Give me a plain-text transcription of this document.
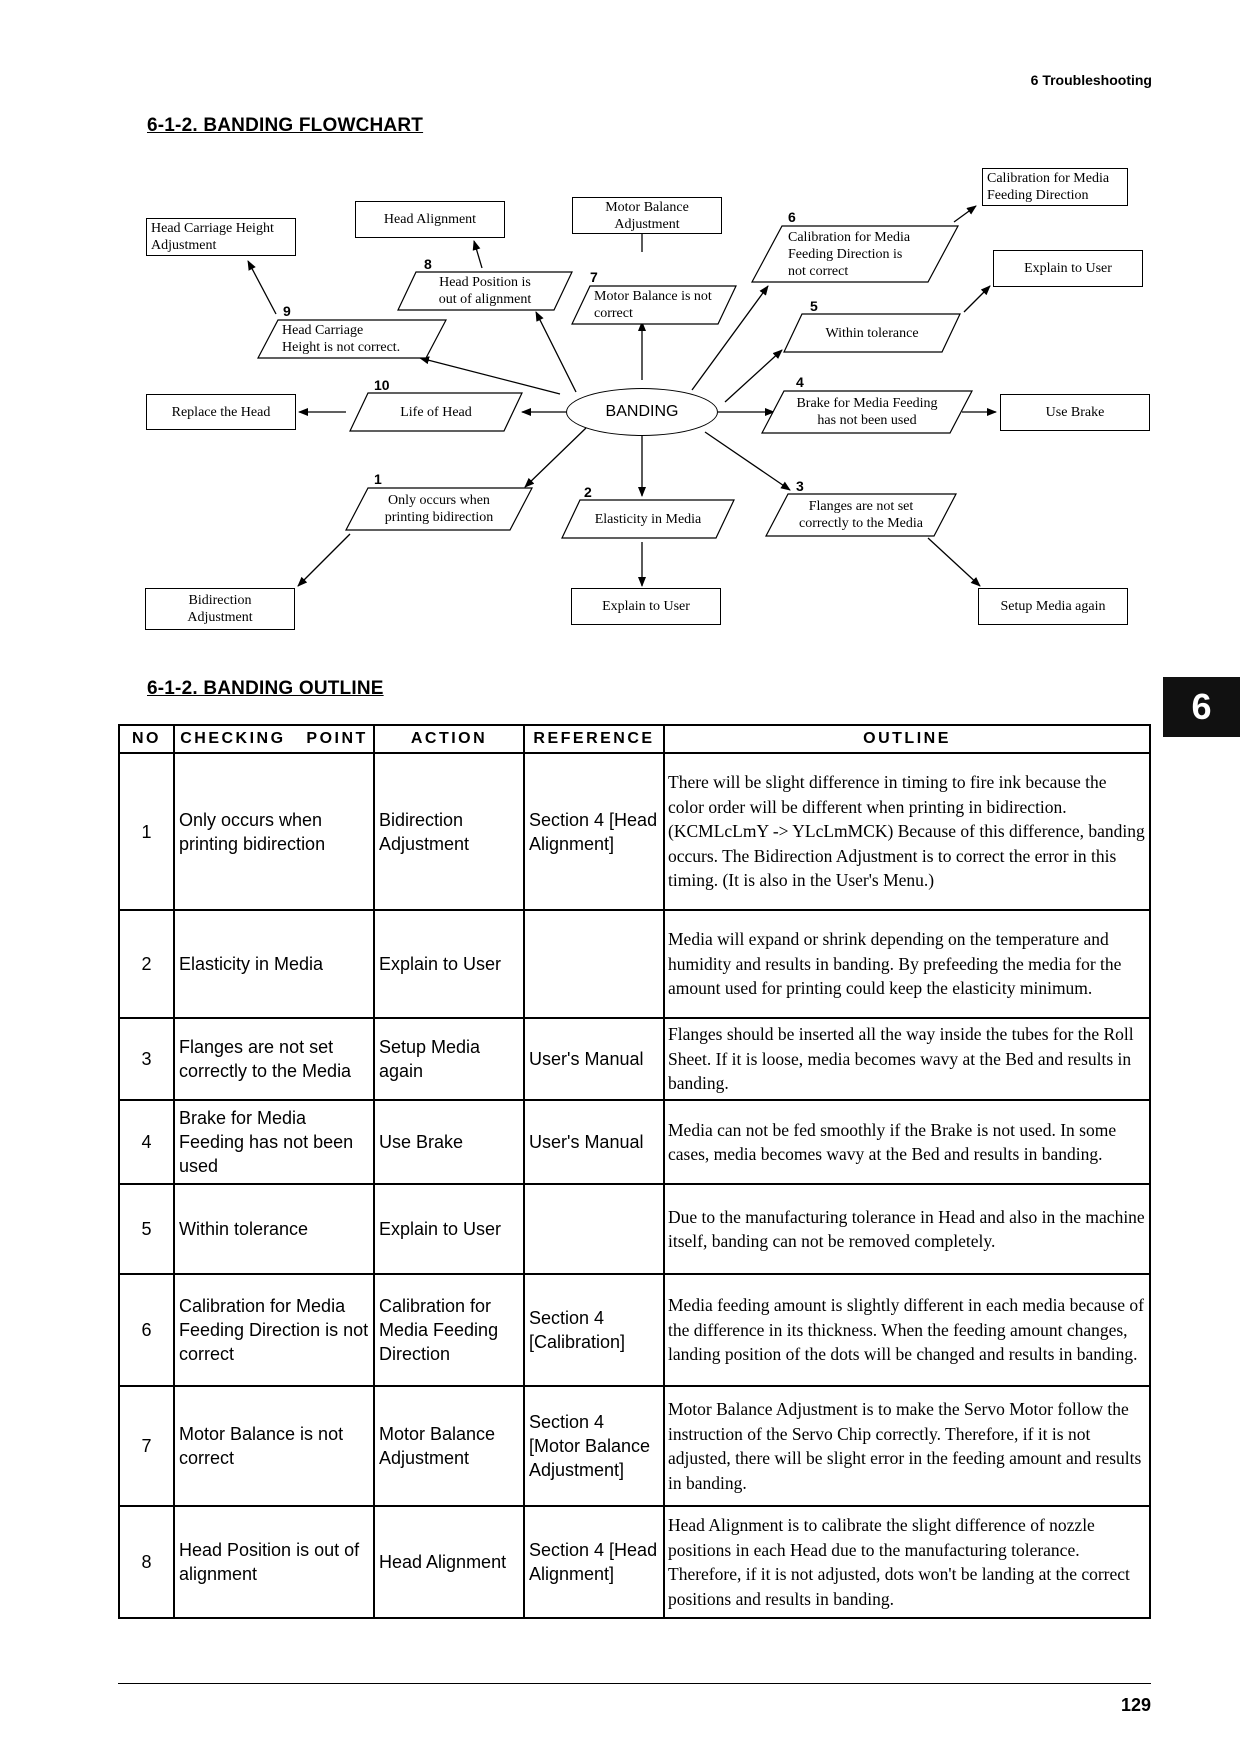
6 Troubleshooting
6-1-2. BANDING FLOWCHART
6
BANDING
Bidirection
Adjustment
Explain to User	Setup Media again
Use Brake
Explain to User
Calibration for Media
Feeding Direction
Motor Balance
Adjustment
Head Alignment
Head Carriage Height
Adjustment
Replace the Head
Only occurs when
printing bidirection
1
Elasticity in Media
2
Flanges are not set
correctly to the Media
3
Brake for Media Feeding
has not been used
4
Within tolerance
5
Calibration for Media
Feeding Direction is
not correct
6
Motor Balance is not
correct
7
Head Position is
out of alignment
8
Head Carriage
Height is not correct.
9
Life of Head
10
6-1-2. BANDING OUTLINE
NO	CHECKING   POINT	ACTION	REFERENCE	OUTLINE
1	Only occurs when printing bidirection	Bidirection Adjustment	Section 4 [Head Alignment]	There will be slight difference in timing to fire ink because the color order will be different when printing in bidirection. (KCMLcLmY -> YLcLmMCK) Because of this difference, banding occurs. The Bidirection Adjustment is to correct the error in this timing. (It is also in the User's Menu.)
2	Elasticity in Media	Explain to User		Media will expand or shrink depending on the temperature and humidity and results in banding. By prefeeding the media for the amount used for printing could keep the elasticity minimum.
3	Flanges are not set correctly to the Media	Setup Media again	User's Manual	Flanges should be inserted all the way inside the tubes for the Roll Sheet. If it is loose, media becomes wavy at the Bed and results in banding.
4	Brake for Media Feeding has not been used	Use Brake	User's Manual	Media can not be fed smoothly if the Brake is not used. In some cases, media becomes wavy at the Bed and results in banding.
5	Within tolerance	Explain to User		Due to the manufacturing tolerance in Head and also in the machine itself, banding can not be removed completely.
6	Calibration for Media Feeding Direction is not correct	Calibration for Media Feeding Direction	Section 4 [Calibration]	Media feeding amount is slightly different in each media because of the difference in its thickness. When the feeding amount changes, landing position of the dots will be changed and results in banding.
7	Motor Balance is not correct	Motor Balance Adjustment	Section 4 [Motor Balance Adjustment]	Motor Balance Adjustment is to make the Servo Motor follow the instruction of the Servo Chip correctly. Therefore, if it is not adjusted, there will be slight error in the feeding amount and results in banding.
8	Head Position is out of alignment	Head Alignment	Section 4 [Head Alignment]	Head Alignment is to calibrate the slight difference of nozzle positions in each Head due to the manufacturing tolerance. Therefore, if it is not adjusted, dots won't be landing at the correct positions and results in banding.
129
